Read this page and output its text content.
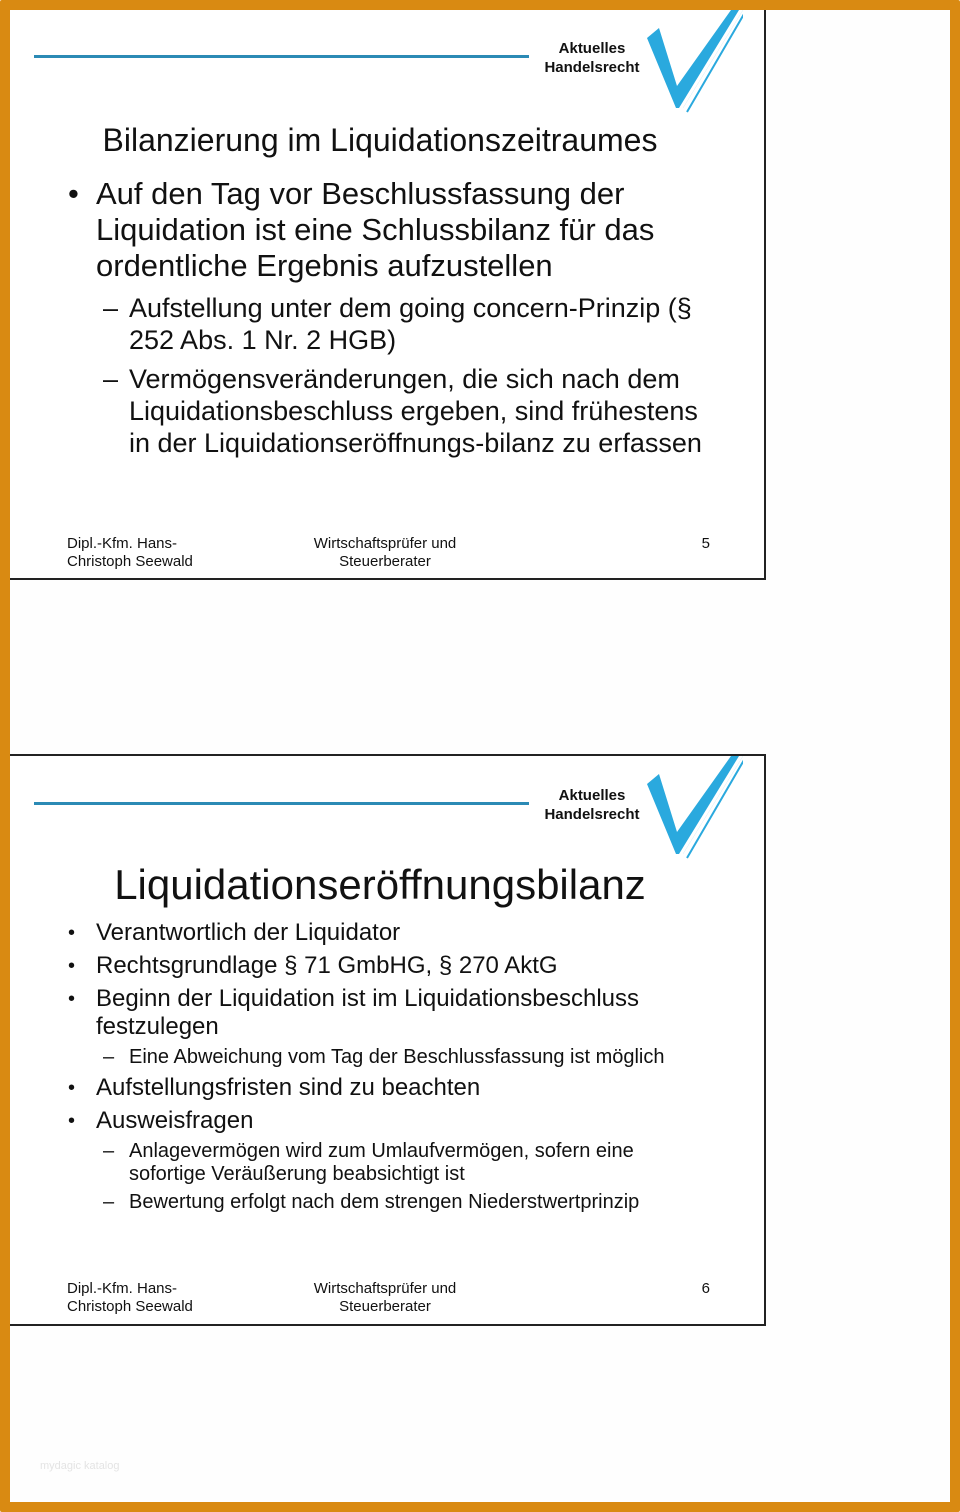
Aktuelles
Handelsrecht
Bilanzierung im Liquidationszeitraumes
• Auf den Tag vor Beschlussfassung der Liquidation ist eine Schlussbilanz für das ordentliche Ergebnis aufzustellen
– Aufstellung unter dem going concern-Prinzip (§ 252 Abs. 1 Nr. 2 HGB)
– Vermögensveränderungen, die sich nach dem Liquidationsbeschluss ergeben, sind frühestens in der Liquidationseröffnungs-bilanz zu erfassen
Dipl.-Kfm. Hans-
Christoph Seewald
Wirtschaftsprüfer und
Steuerberater
5
Aktuelles
Handelsrecht
Liquidationseröffnungsbilanz
• Verantwortlich der Liquidator
• Rechtsgrundlage § 71 GmbHG, § 270 AktG
• Beginn der Liquidation ist im Liquidationsbeschluss festzulegen
– Eine Abweichung vom Tag der Beschlussfassung ist möglich
• Aufstellungsfristen sind zu beachten
• Ausweisfragen
– Anlagevermögen wird zum Umlaufvermögen, sofern eine sofortige Veräußerung beabsichtigt ist
– Bewertung erfolgt nach dem strengen Niederstwertprinzip
Dipl.-Kfm. Hans-
Christoph Seewald
Wirtschaftsprüfer und
Steuerberater
6
mydagic katalog
